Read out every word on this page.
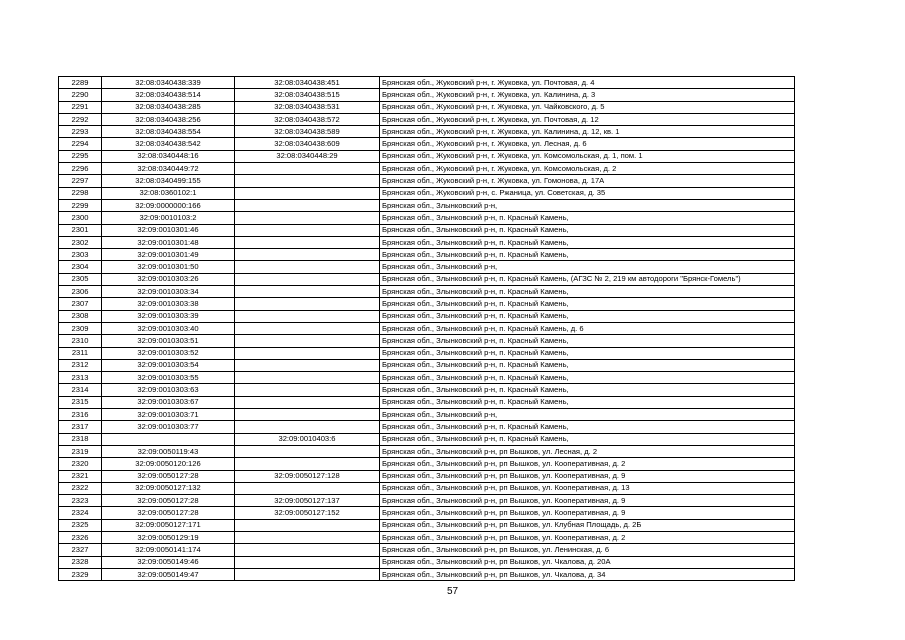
2289	32:08:0340438:339	32:08:0340438:451	Брянская обл., Жуковский р-н, г. Жуковка, ул. Почтовая, д. 4
2290	32:08:0340438:514	32:08:0340438:515	Брянская обл., Жуковский р-н, г. Жуковка, ул. Калинина, д. 3
2291	32:08:0340438:285	32:08:0340438:531	Брянская обл., Жуковский р-н, г. Жуковка, ул. Чайковского, д. 5
2292	32:08:0340438:256	32:08:0340438:572	Брянская обл., Жуковский р-н, г. Жуковка, ул. Почтовая, д. 12
2293	32:08:0340438:554	32:08:0340438:589	Брянская обл., Жуковский р-н, г. Жуковка, ул. Калинина, д. 12, кв. 1
2294	32:08:0340438:542	32:08:0340438:609	Брянская обл., Жуковский р-н, г. Жуковка, ул. Лесная, д. 6
2295	32:08:0340448:16	32:08:0340448:29	Брянская обл., Жуковский р-н, г. Жуковка, ул. Комсомольская, д. 1, пом. 1
2296	32:08:0340449:72		Брянская обл., Жуковский р-н, г. Жуковка, ул. Комсомольская, д. 2
2297	32:08:0340499:155		Брянская обл., Жуковский р-н, г. Жуковка, ул. Гомонова, д. 17А
2298	32:08:0360102:1		Брянская обл., Жуковский р-н, с. Ржаница, ул. Советская, д. 35
2299	32:09:0000000:166		Брянская обл., Злынковский р-н,
2300	32:09:0010103:2		Брянская обл., Злынковский р-н, п. Красный Камень,
2301	32:09:0010301:46		Брянская обл., Злынковский р-н, п. Красный Камень,
2302	32:09:0010301:48		Брянская обл., Злынковский р-н, п. Красный Камень,
2303	32:09:0010301:49		Брянская обл., Злынковский р-н, п. Красный Камень,
2304	32:09:0010301:50		Брянская обл., Злынковский р-н,
2305	32:09:0010303:26		Брянская обл., Злынковский р-н, п. Красный Камень, (АГЗС № 2, 219 км автодороги "Брянск-Гомель")
2306	32:09:0010303:34		Брянская обл., Злынковский р-н, п. Красный Камень,
2307	32:09:0010303:38		Брянская обл., Злынковский р-н, п. Красный Камень,
2308	32:09:0010303:39		Брянская обл., Злынковский р-н, п. Красный Камень,
2309	32:09:0010303:40		Брянская обл., Злынковский р-н, п. Красный Камень, д. 6
2310	32:09:0010303:51		Брянская обл., Злынковский р-н, п. Красный Камень,
2311	32:09:0010303:52		Брянская обл., Злынковский р-н, п. Красный Камень,
2312	32:09:0010303:54		Брянская обл., Злынковский р-н, п. Красный Камень,
2313	32:09:0010303:55		Брянская обл., Злынковский р-н, п. Красный Камень,
2314	32:09:0010303:63		Брянская обл., Злынковский р-н, п. Красный Камень,
2315	32:09:0010303:67		Брянская обл., Злынковский р-н, п. Красный Камень,
2316	32:09:0010303:71		Брянская обл., Злынковский р-н,
2317	32:09:0010303:77		Брянская обл., Злынковский р-н, п. Красный Камень,
2318		32:09:0010403:6	Брянская обл., Злынковский р-н, п. Красный Камень,
2319	32:09:0050119:43		Брянская обл., Злынковский р-н, рп Вышков, ул. Лесная, д. 2
2320	32:09:0050120:126		Брянская обл., Злынковский р-н, рп Вышков, ул. Кооперативная, д. 2
2321	32:09:0050127:28	32:09:0050127:128	Брянская обл., Злынковский р-н, рп Вышков, ул. Кооперативная, д. 9
2322	32:09:0050127:132		Брянская обл., Злынковский р-н, рп Вышков, ул. Кооперативная, д. 13
2323	32:09:0050127:28	32:09:0050127:137	Брянская обл., Злынковский р-н, рп Вышков, ул. Кооперативная, д. 9
2324	32:09:0050127:28	32:09:0050127:152	Брянская обл., Злынковский р-н, рп Вышков, ул. Кооперативная, д. 9
2325	32:09:0050127:171		Брянская обл., Злынковский р-н, рп Вышков, ул. Клубная Площадь, д. 2Б
2326	32:09:0050129:19		Брянская обл., Злынковский р-н, рп Вышков, ул. Кооперативная, д. 2
2327	32:09:0050141:174		Брянская обл., Злынковский р-н, рп Вышков, ул. Ленинская, д. 6
2328	32:09:0050149:46		Брянская обл., Злынковский р-н, рп Вышков, ул. Чкалова, д. 20А
2329	32:09:0050149:47		Брянская обл., Злынковский р-н, рп Вышков, ул. Чкалова, д. 34
57
